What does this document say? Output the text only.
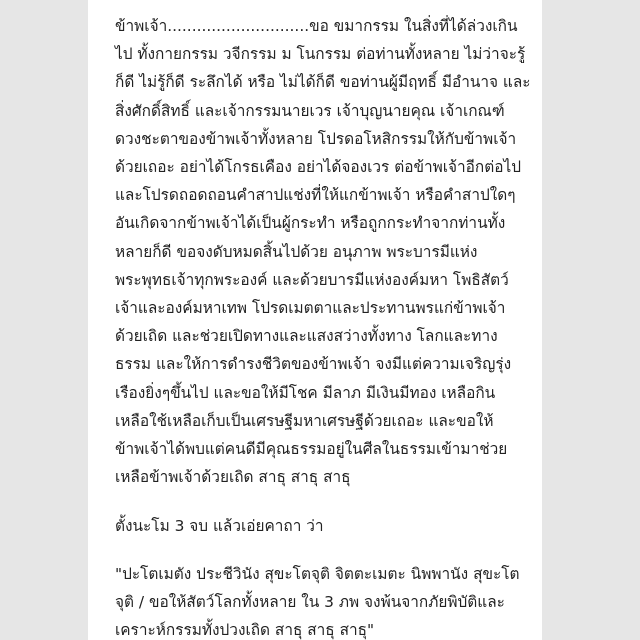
ข้าพเจ้า.............................ขอ ขมากรรม ในสิ่งที่ได้ล่วงเกิน
ไป ทั้งกายกรรม วจีกรรม ม โนกรรม ต่อท่านทั้งหลาย ไม่ว่าจะรู้
ก็ดี ไม่รู้ก็ดี ระลึกได้ หรือ ไม่ได้ก็ดี ขอท่านผู้มีฤทธิ์ มีอำนาจ และ
สิ่งศักดิ์สิทธิ์ และเจ้ากรรมนายเวร เจ้าบุญนายคุณ เจ้าเกณฑ์
ดวงชะตาของข้าพเจ้าทั้งหลาย โปรดอโหสิกรรมให้กับข้าพเจ้า
ด้วยเถอะ อย่าได้โกรธเคือง อย่าได้จองเวร ต่อข้าพเจ้าอีกต่อไป
และโปรดถอดถอนคำสาปแช่งที่ให้แกข้าพเจ้า หรือคำสาปใดๆ
อันเกิดจากข้าพเจ้าได้เป็นผู้กระทำ หรือถูกกระทำจากท่านทั้ง
หลายก็ดี ขอจงดับหมดสิ้นไปด้วย อนุภาพ พระบารมีแห่ง
พระพุทธเจ้าทุกพระองค์ และด้วยบารมีแห่งองค์มหา โพธิสัตว์
เจ้าและองค์มหาเทพ โปรดเมตตาและประทานพรแก่ข้าพเจ้า
ด้วยเถิด และช่วยเปิดทางและแสงสว่างทั้งทาง โลกและทาง
ธรรม และให้การดำรงชีวิตของข้าพเจ้า จงมีแต่ความเจริญรุ่ง
เรืองยิ่งๆขึ้นไป และขอให้มีโชค มีลาภ มีเงินมีทอง เหลือกิน
เหลือใช้เหลือเก็บเป็นเศรษฐีมหาเศรษฐีด้วยเถอะ และขอให้
ข้าพเจ้าได้พบแต่คนดีมีคุณธรรมอยู่ในศีลในธรรมเข้ามาช่วย
เหลือข้าพเจ้าด้วยเถิด สาธุ สาธุ สาธุ
ตั้งนะโม 3 จบ แล้วเอ่ยคาถา ว่า
"ปะโตเมตัง ประชีวินัง สุขะโตจุติ จิตตะเมตะ นิพพานัง สุขะโต
จุติ / ขอให้สัตว์โลกทั้งหลาย ใน 3 ภพ จงพ้นจากภัยพิบัติและ
เคราะห์กรรมทั้งปวงเถิด สาธุ สาธุ สาธุ"
